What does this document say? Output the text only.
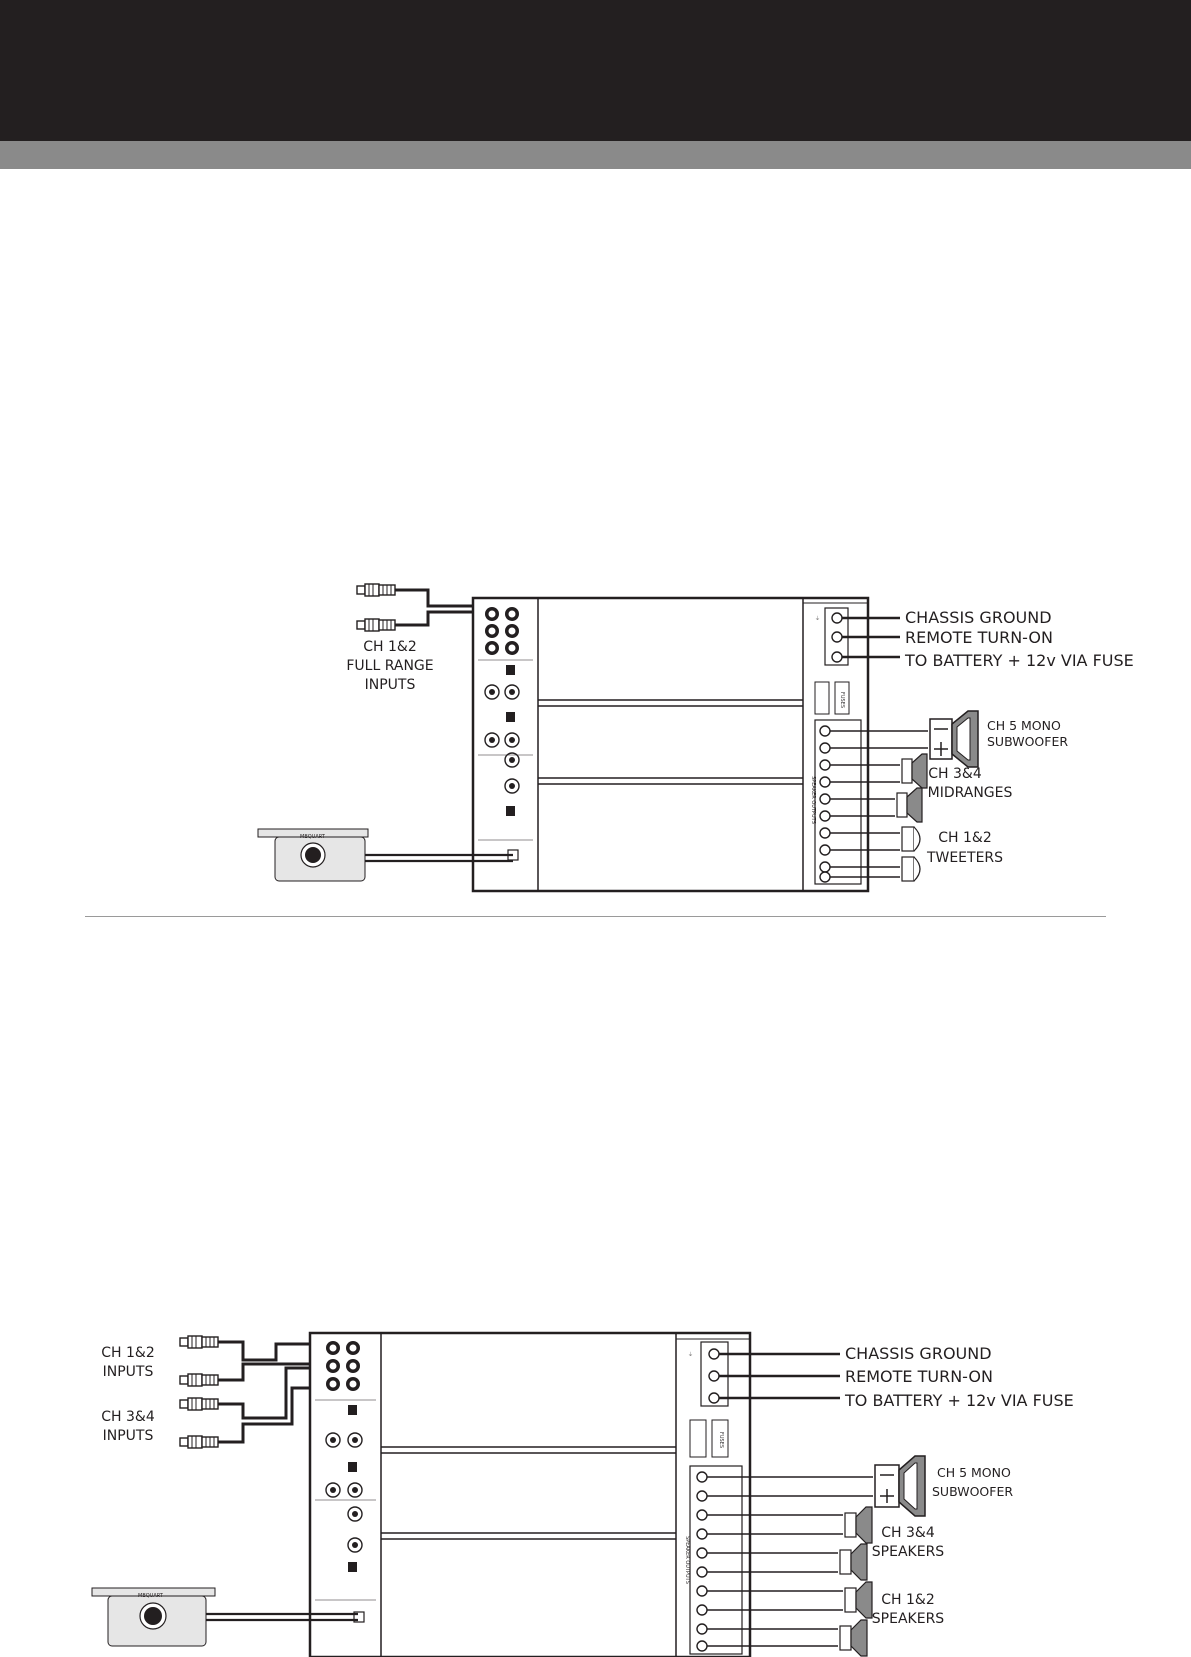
CH 1&2
FULL RANGE
INPUTS
⏚
FUSES
SPEAKER OUTPUTS
CHASSIS GROUND
REMOTE TURN-ON
TO BATTERY + 12v VIA FUSE
CH 5 MONO
SUBWOOFER
CH 3&4
MIDRANGES
CH 1&2
TWEETERS
MBQUART
CH 1&2
INPUTS
CH 3&4
INPUTS
⏚
FUSES
SPEAKER OUTPUTS
CHASSIS GROUND
REMOTE TURN-ON
TO BATTERY + 12v VIA FUSE
CH 5 MONO
SUBWOOFER
CH 3&4
SPEAKERS
CH 1&2
SPEAKERS
MBQUART
